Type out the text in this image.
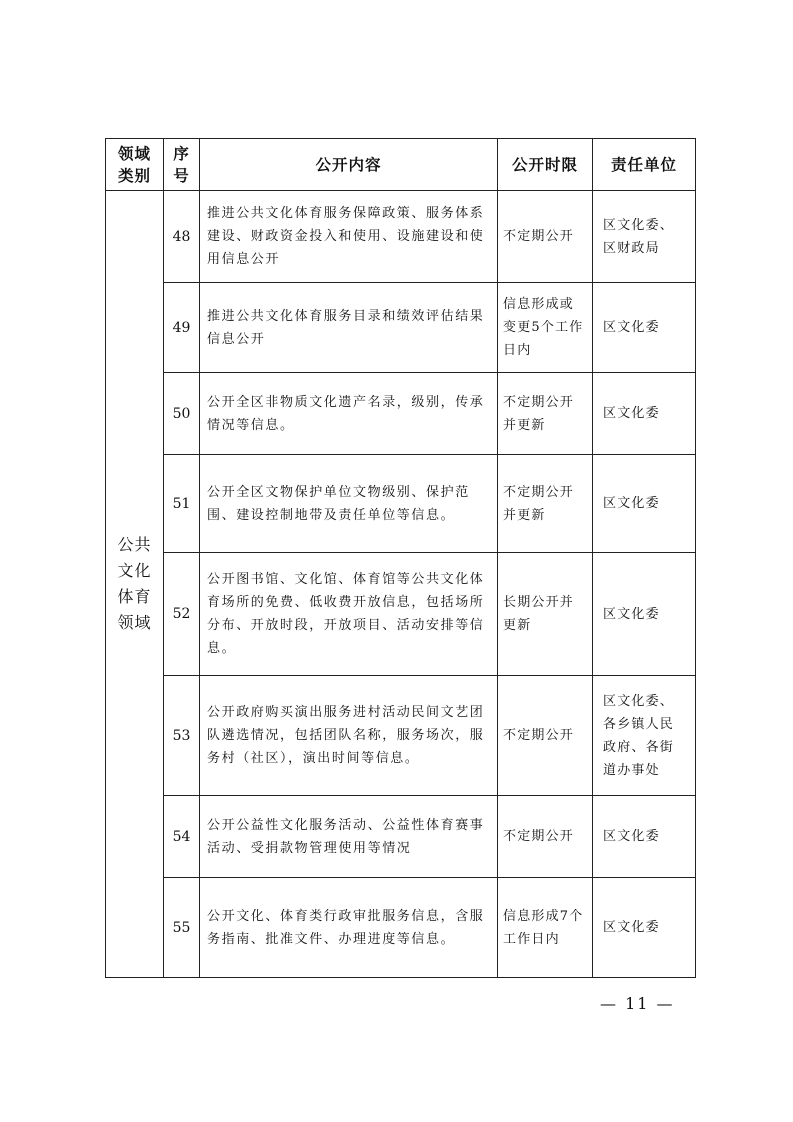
领域类别	序号	公开内容	公开时限	责任单位
公共文化体育领域	48	推进公共文化体育服务保障政策、服务体系建设、财政资金投入和使用、设施建设和使用信息公开	不定期公开	区文化委、区财政局
	49	推进公共文化体育服务目录和绩效评估结果信息公开	信息形成或变更5个工作日内	区文化委
	50	公开全区非物质文化遗产名录，级别，传承情况等信息。	不定期公开并更新	区文化委
	51	公开全区文物保护单位文物级别、保护范围、建设控制地带及责任单位等信息。	不定期公开并更新	区文化委
	52	公开图书馆、文化馆、体育馆等公共文化体育场所的免费、低收费开放信息，包括场所分布、开放时段，开放项目、活动安排等信息。	长期公开并更新	区文化委
	53	公开政府购买演出服务进村活动民间文艺团队遴选情况，包括团队名称，服务场次，服务村（社区），演出时间等信息。	不定期公开	区文化委、各乡镇人民政府、各街道办事处
	54	公开公益性文化服务活动、公益性体育赛事活动、受捐款物管理使用等情况	不定期公开	区文化委
	55	公开文化、体育类行政审批服务信息，含服务指南、批准文件、办理进度等信息。	信息形成7个工作日内	区文化委
— 11 —
